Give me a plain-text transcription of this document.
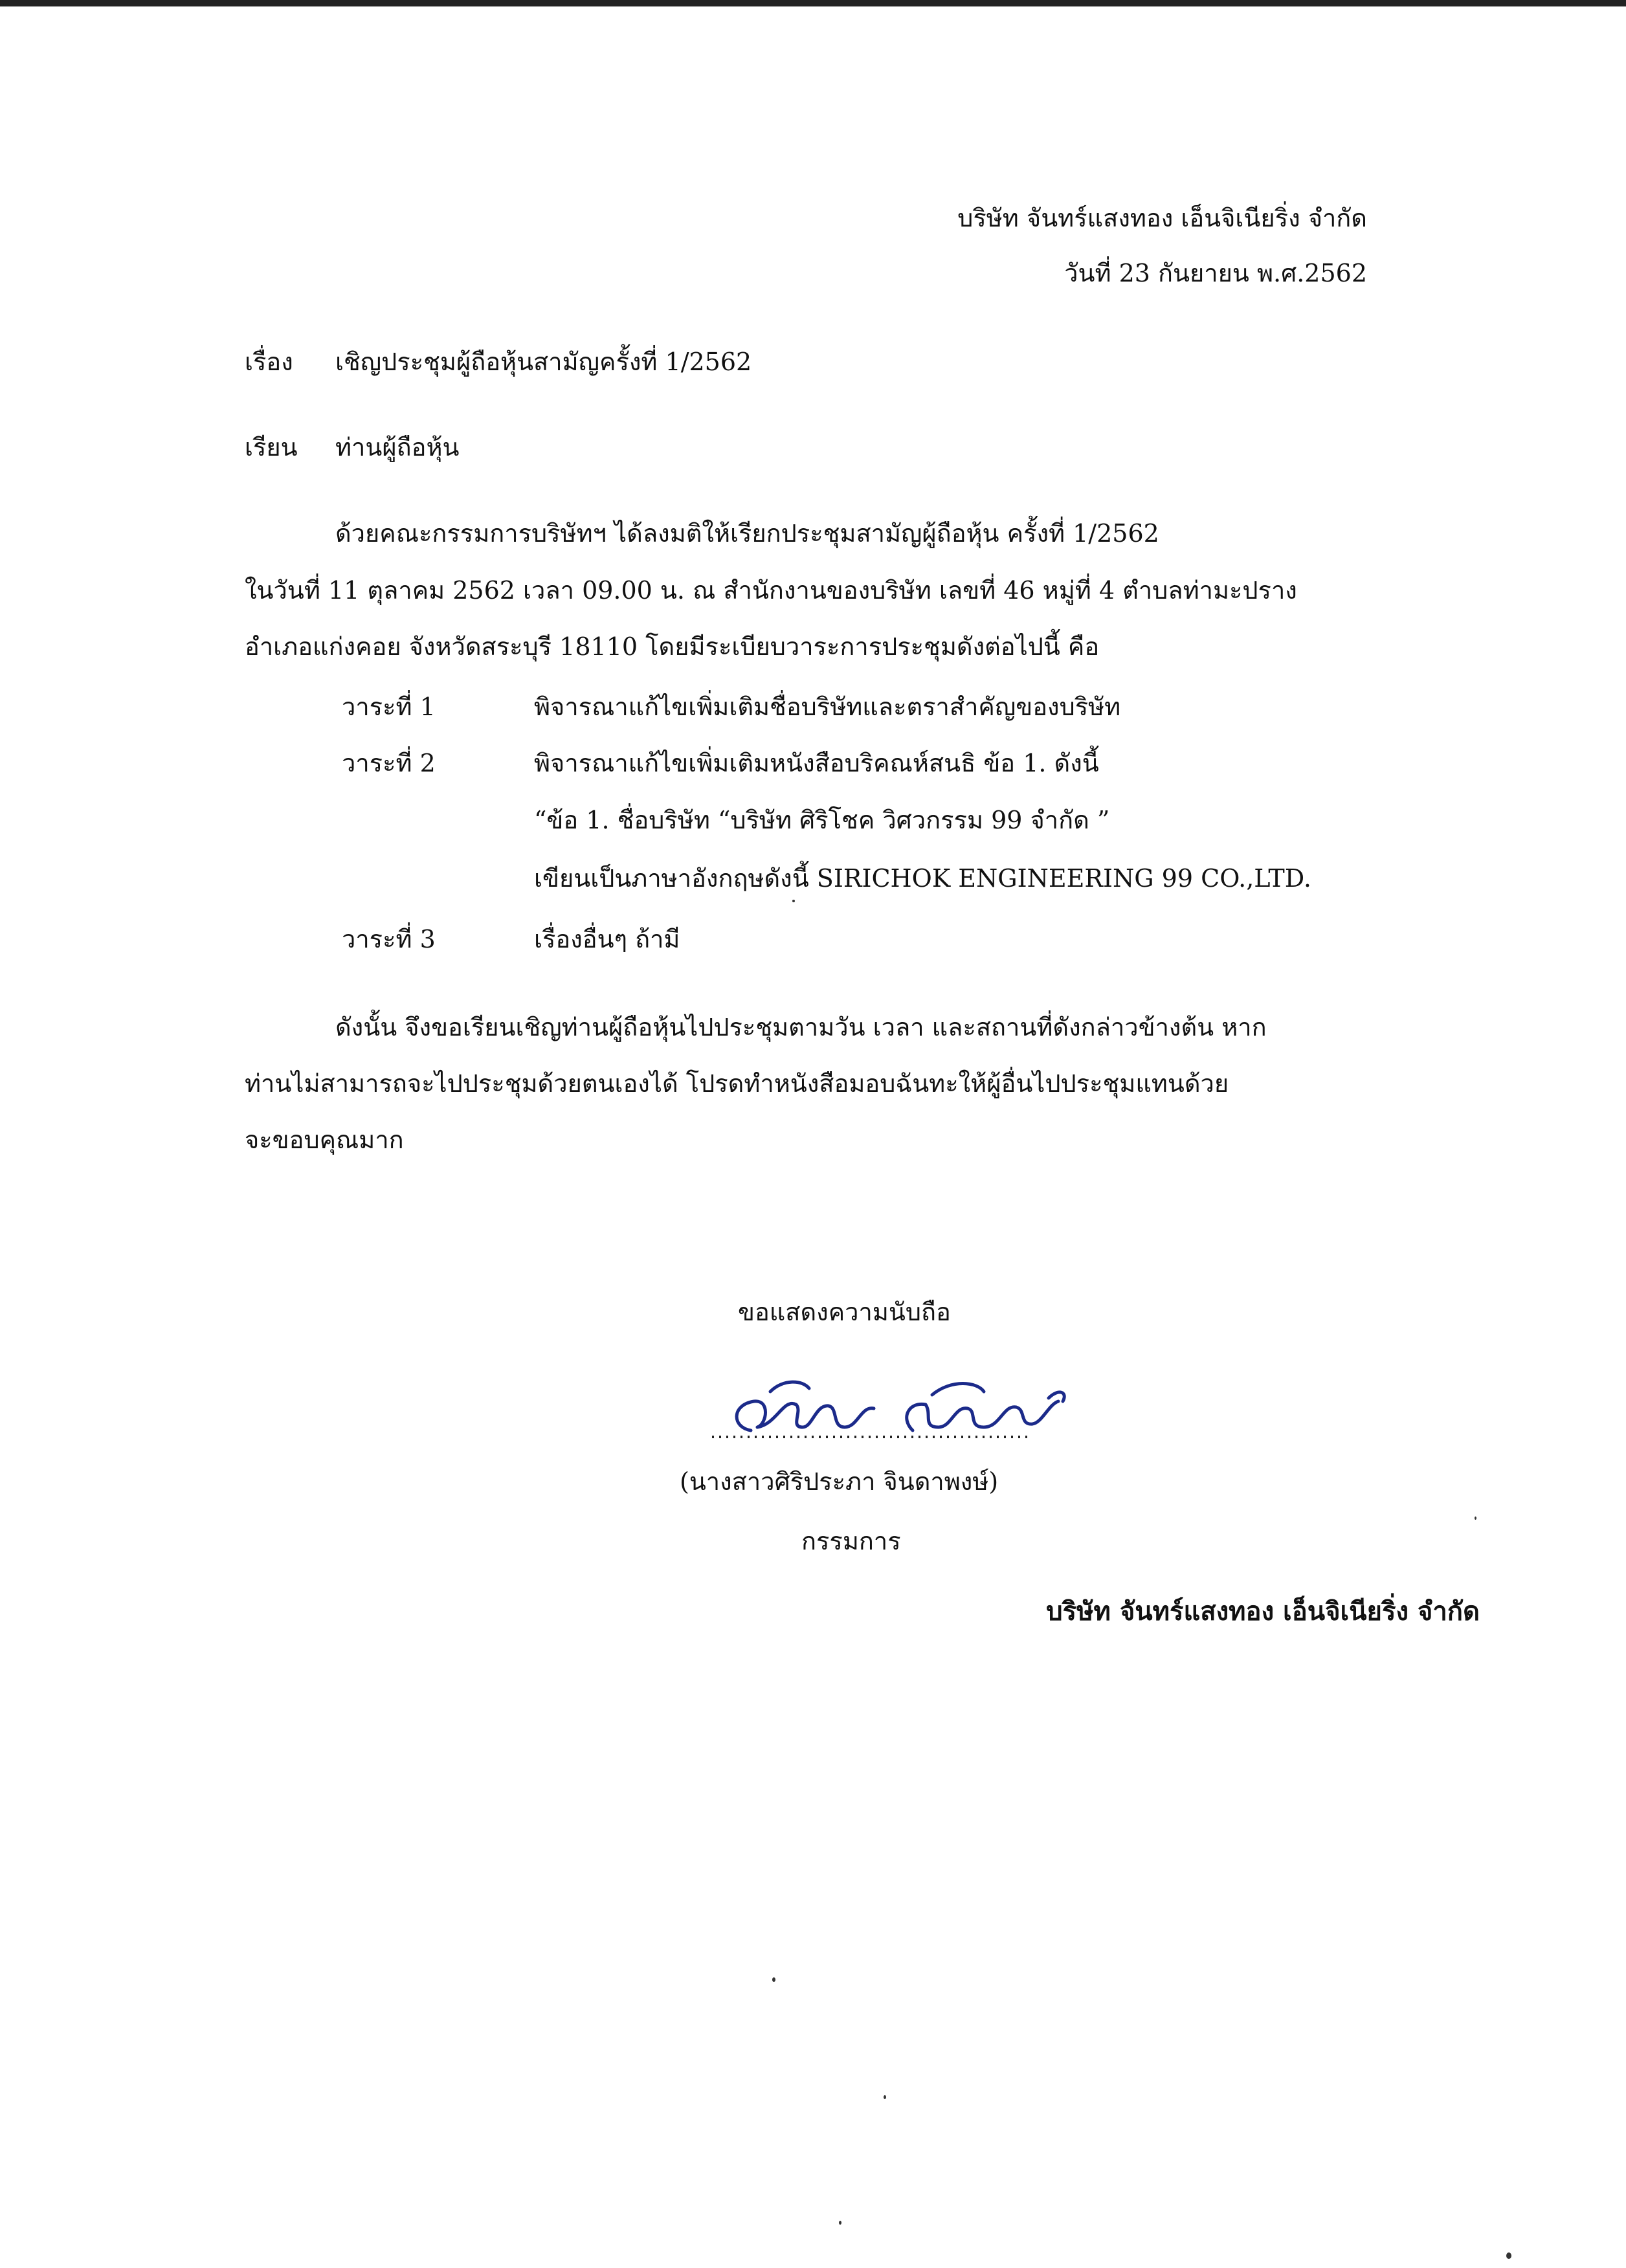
บริษัท จันทร์แสงทอง เอ็นจิเนียริ่ง จำกัด
วันที่ 23 กันยายน พ.ศ.2562
เรื่อง เชิญประชุมผู้ถือหุ้นสามัญครั้งที่ 1/2562
เรียน ท่านผู้ถือหุ้น
ด้วยคณะกรรมการบริษัทฯ ได้ลงมติให้เรียกประชุมสามัญผู้ถือหุ้น ครั้งที่ 1/2562
ในวันที่ 11 ตุลาคม 2562 เวลา 09.00 น. ณ สำนักงานของบริษัท เลขที่ 46 หมู่ที่ 4 ตำบลท่ามะปราง
อำเภอแก่งคอย จังหวัดสระบุรี 18110 โดยมีระเบียบวาระการประชุมดังต่อไปนี้ คือ
วาระที่ 1	พิจารณาแก้ไขเพิ่มเติมชื่อบริษัทและตราสำคัญของบริษัท
วาระที่ 2	พิจารณาแก้ไขเพิ่มเติมหนังสือบริคณห์สนธิ ข้อ 1. ดังนี้
“ข้อ 1. ชื่อบริษัท “บริษัท ศิริโชค วิศวกรรม 99 จำกัด ”
เขียนเป็นภาษาอังกฤษดังนี้ SIRICHOK ENGINEERING 99 CO.,LTD.
วาระที่ 3	เรื่องอื่นๆ ถ้ามี
ดังนั้น จึงขอเรียนเชิญท่านผู้ถือหุ้นไปประชุมตามวัน เวลา และสถานที่ดังกล่าวข้างต้น หาก
ท่านไม่สามารถจะไปประชุมด้วยตนเองได้ โปรดทำหนังสือมอบฉันทะให้ผู้อื่นไปประชุมแทนด้วย
จะขอบคุณมาก
ขอแสดงความนับถือ
(นางสาวศิริประภา จินดาพงษ์)
กรรมการ
บริษัท จันทร์แสงทอง เอ็นจิเนียริ่ง จำกัด
